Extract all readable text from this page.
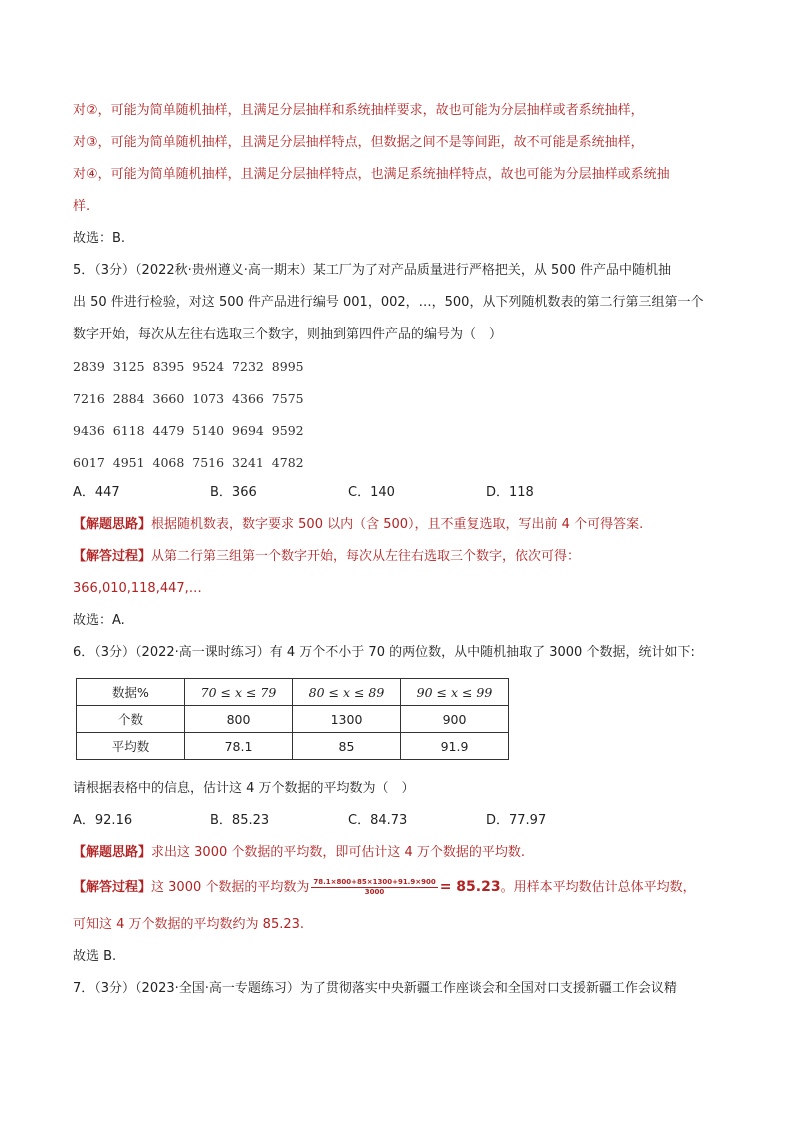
对②，可能为简单随机抽样，且满足分层抽样和系统抽样要求，故也可能为分层抽样或者系统抽样，
对③，可能为简单随机抽样，且满足分层抽样特点，但数据之间不是等间距，故不可能是系统抽样，
对④，可能为简单随机抽样，且满足分层抽样特点，也满足系统抽样特点，故也可能为分层抽样或系统抽
样.
故选：B.
5．（3分）（2022秋·贵州遵义·高一期末）某工厂为了对产品质量进行严格把关，从 500 件产品中随机抽
出 50 件进行检验，对这 500 件产品进行编号 001，002，…，500，从下列随机数表的第二行第三组第一个
数字开始，每次从左往右选取三个数字，则抽到第四件产品的编号为（　）
2839  3125  8395  9524  7232  8995
7216  2884  3660  1073  4366  7575
9436  6118  4479  5140  9694  9592
6017  4951  4068  7516  3241  4782
A．447	B．366	C．140	D．118
【解题思路】根据随机数表，数字要求 500 以内（含 500），且不重复选取，写出前 4 个可得答案.
【解答过程】从第二行第三组第一个数字开始，每次从左往右选取三个数字，依次可得：
366,010,118,447,…
故选：A.
6．（3分）（2022·高一课时练习）有 4 万个不小于 70 的两位数，从中随机抽取了 3000 个数据，统计如下:
数据%	70 ≤ x ≤ 79	80 ≤ x ≤ 89	90 ≤ x ≤ 99
个数	800	1300	900
平均数	78.1	85	91.9
请根据表格中的信息，估计这 4 万个数据的平均数为（　）
A．92.16	B．85.23	C．84.73	D．77.97
【解题思路】求出这 3000 个数据的平均数，即可估计这 4 万个数据的平均数.
【解答过程】这 3000 个数据的平均数为 $\frac{78.1\times 800+85\times 1300+91.9\times 900}{3000} = 85.23$。用样本平均数估计总体平均数，
可知这 4 万个数据的平均数约为 85.23.
故选 B.
7．（3分）（2023·全国·高一专题练习）为了贯彻落实中央新疆工作座谈会和全国对口支援新疆工作会议精
